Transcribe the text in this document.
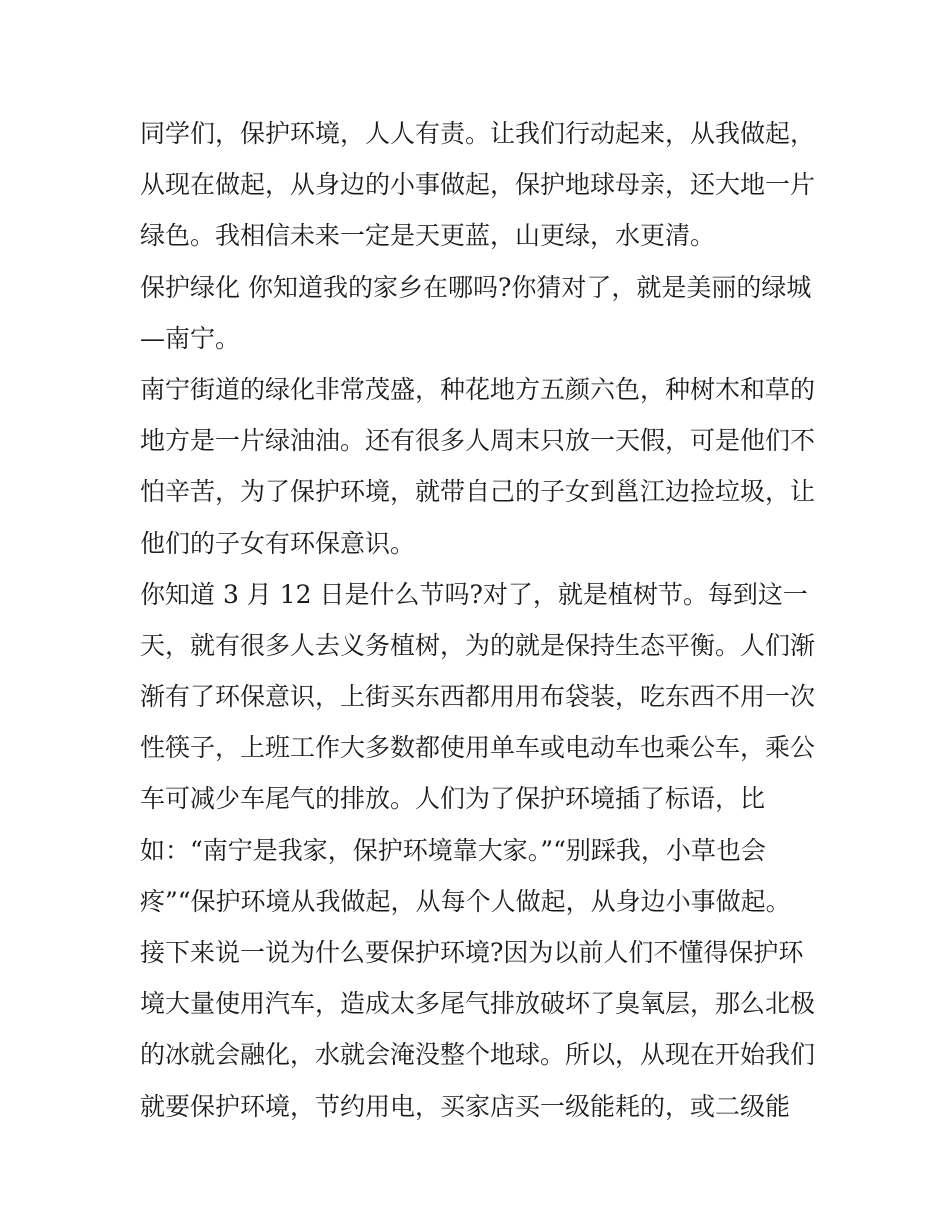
同学们，保护环境，人人有责。让我们行动起来，从我做起，
从现在做起，从身边的小事做起，保护地球母亲，还大地一片
绿色。我相信未来一定是天更蓝，山更绿，水更清。
保护绿化 你知道我的家乡在哪吗?你猜对了，就是美丽的绿城
—南宁。
南宁街道的绿化非常茂盛，种花地方五颜六色，种树木和草的
地方是一片绿油油。还有很多人周末只放一天假，可是他们不
怕辛苦，为了保护环境，就带自己的子女到邕江边捡垃圾，让
他们的子女有环保意识。
你知道 3 月 12 日是什么节吗?对了，就是植树节。每到这一
天，就有很多人去义务植树，为的就是保持生态平衡。人们渐
渐有了环保意识，上街买东西都用用布袋装，吃东西不用一次
性筷子，上班工作大多数都使用单车或电动车也乘公车，乘公
车可减少车尾气的排放。人们为了保护环境插了标语，比
如：“南宁是我家，保护环境靠大家。”“别踩我，小草也会
疼”“保护环境从我做起，从每个人做起，从身边小事做起。
接下来说一说为什么要保护环境?因为以前人们不懂得保护环
境大量使用汽车，造成太多尾气排放破坏了臭氧层，那么北极
的冰就会融化，水就会淹没整个地球。所以，从现在开始我们
就要保护环境，节约用电，买家店买一级能耗的，或二级能
